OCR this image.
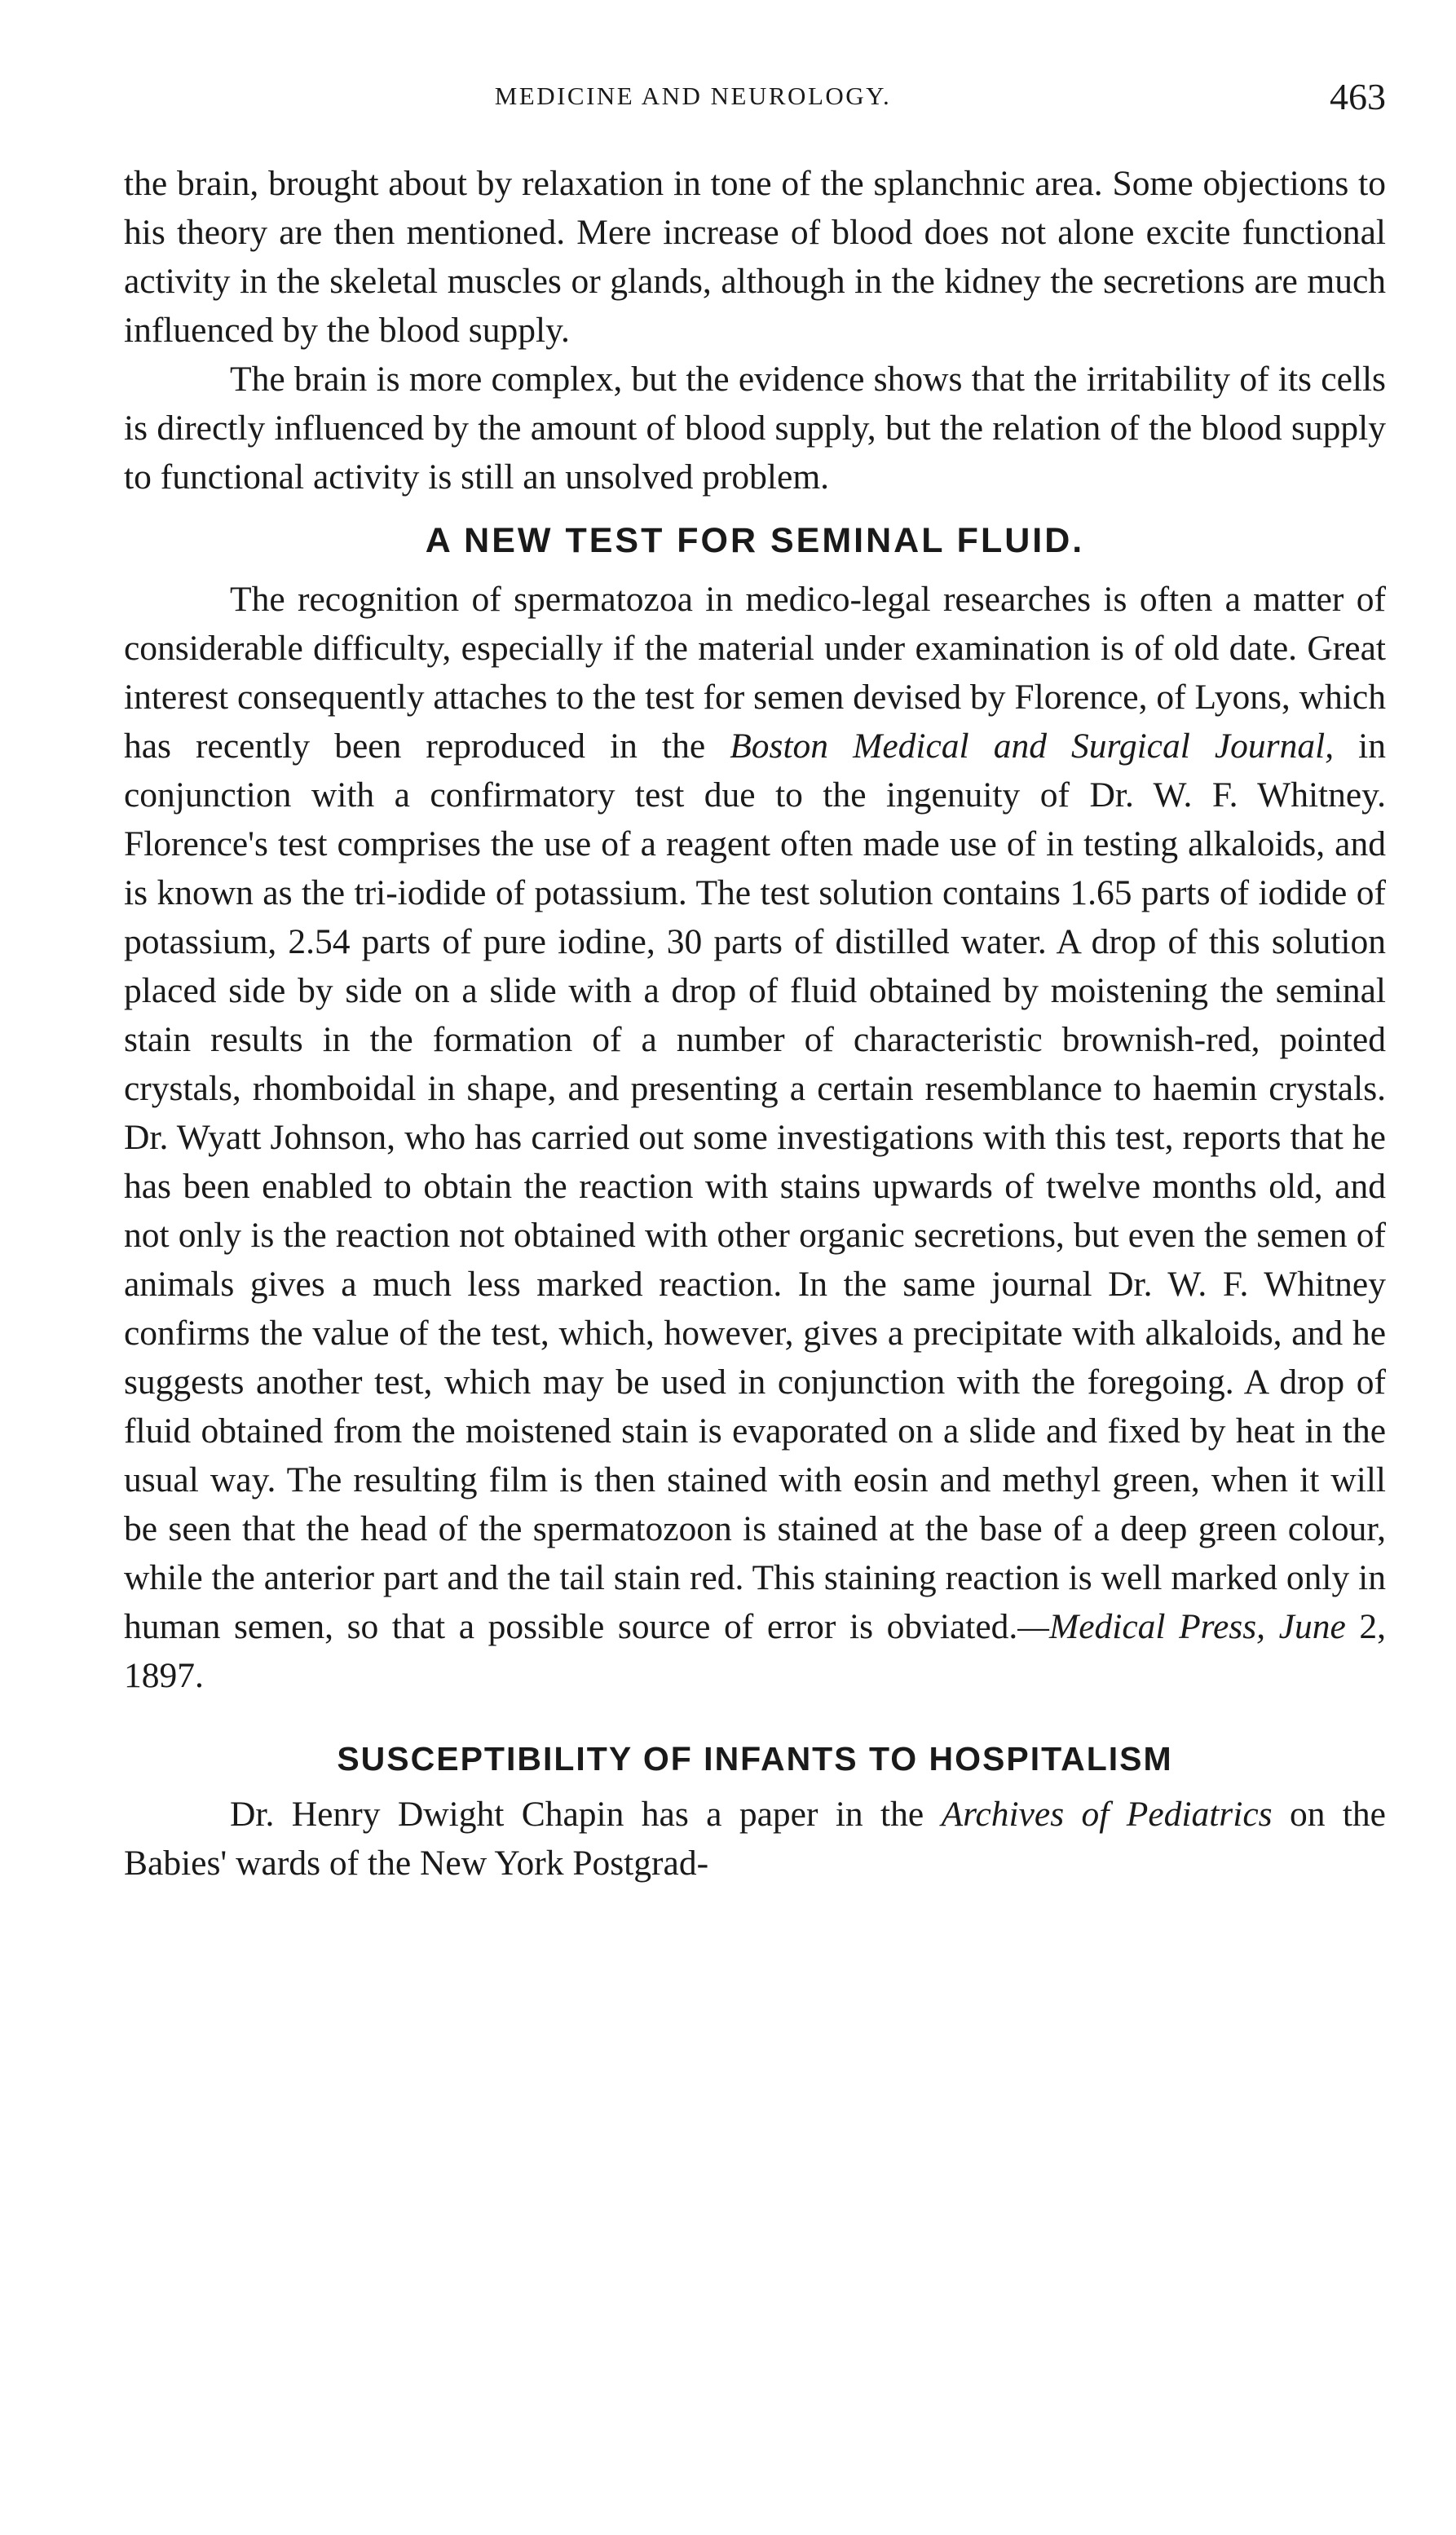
MEDICINE AND NEUROLOGY.	463

the brain, brought about by relaxation in tone of the splanchnic area. Some objections to his theory are then mentioned. Mere increase of blood does not alone excite functional activity in the skeletal muscles or glands, although in the kidney the secretions are much influenced by the blood supply.

The brain is more complex, but the evidence shows that the irritability of its cells is directly influenced by the amount of blood supply, but the relation of the blood supply to functional activity is still an unsolved problem.

A NEW TEST FOR SEMINAL FLUID.

The recognition of spermatozoa in medico-legal researches is often a matter of considerable difficulty, especially if the material under examination is of old date. Great interest consequently attaches to the test for semen devised by Florence, of Lyons, which has recently been reproduced in the Boston Medical and Surgical Journal, in conjunction with a confirmatory test due to the ingenuity of Dr. W. F. Whitney. Florence's test comprises the use of a reagent often made use of in testing alkaloids, and is known as the tri-iodide of potassium. The test solution contains 1.65 parts of iodide of potassium, 2.54 parts of pure iodine, 30 parts of distilled water. A drop of this solution placed side by side on a slide with a drop of fluid obtained by moistening the seminal stain results in the formation of a number of characteristic brownish-red, pointed crystals, rhomboidal in shape, and presenting a certain resemblance to haemin crystals. Dr. Wyatt Johnson, who has carried out some investigations with this test, reports that he has been enabled to obtain the reaction with stains upwards of twelve months old, and not only is the reaction not obtained with other organic secretions, but even the semen of animals gives a much less marked reaction. In the same journal Dr. W. F. Whitney confirms the value of the test, which, however, gives a precipitate with alkaloids, and he suggests another test, which may be used in conjunction with the foregoing. A drop of fluid obtained from the moistened stain is evaporated on a slide and fixed by heat in the usual way. The resulting film is then stained with eosin and methyl green, when it will be seen that the head of the spermatozoon is stained at the base of a deep green colour, while the anterior part and the tail stain red. This staining reaction is well marked only in human semen, so that a possible source of error is obviated.—Medical Press, June 2, 1897.

SUSCEPTIBILITY OF INFANTS TO HOSPITALISM

Dr. Henry Dwight Chapin has a paper in the Archives of Pediatrics on the Babies' wards of the New York Postgrad-
